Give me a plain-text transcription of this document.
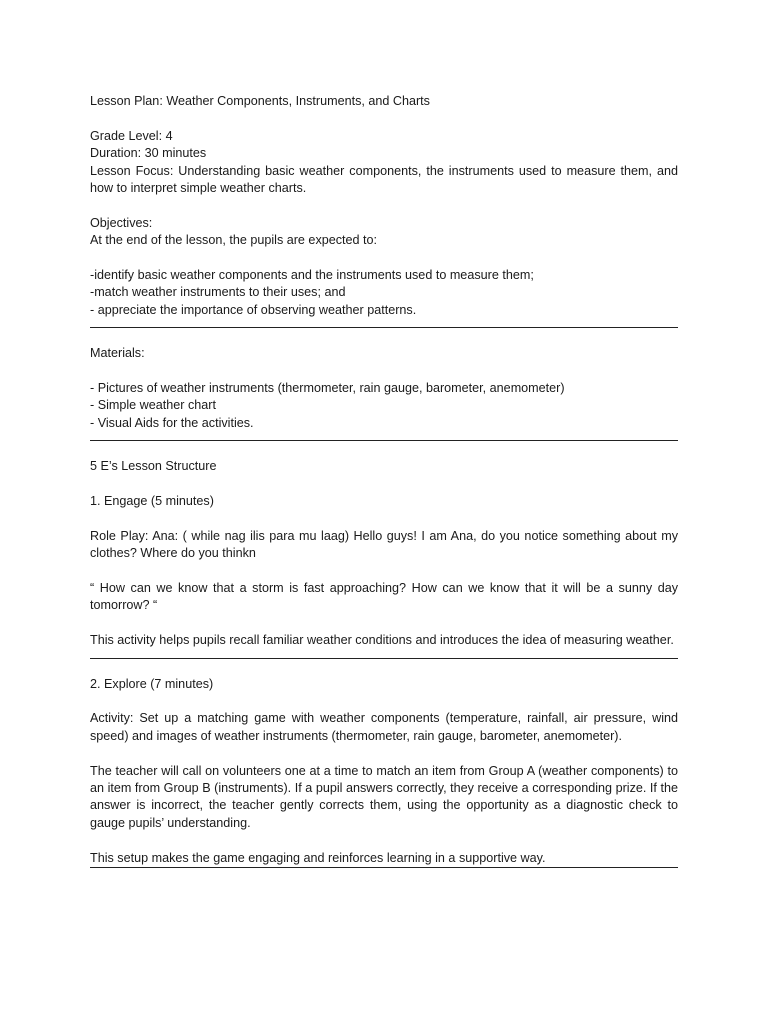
Lesson Plan: Weather Components, Instruments, and Charts

Grade Level: 4

Duration: 30 minutes

Lesson Focus: Understanding basic weather components, the instruments used to measure them, and how to interpret simple weather charts.

Objectives:

At the end of the lesson, the pupils are expected to:

-identify basic weather components and the instruments used to measure them;

-match weather instruments to their uses; and

- appreciate the importance of observing weather patterns.

Materials:

- Pictures of weather instruments (thermometer, rain gauge, barometer, anemometer)

- Simple weather chart

- Visual Aids for the activities.

5 E’s Lesson Structure

1. Engage (5 minutes)

Role Play: Ana: ( while nag ilis para mu laag) Hello guys! I am Ana, do you notice something about my clothes? Where do you thinkn

“ How can we know that a storm is fast approaching? How can we know that it will be a sunny day tomorrow? “

This activity helps pupils recall familiar weather conditions and introduces the idea of measuring weather.

2. Explore (7 minutes)

Activity: Set up a matching game with weather components (temperature, rainfall, air pressure, wind speed) and images of weather instruments (thermometer, rain gauge, barometer, anemometer).

The teacher will call on volunteers one at a time to match an item from Group A (weather components) to an item from Group B (instruments). If a pupil answers correctly, they receive a corresponding prize. If the answer is incorrect, the teacher gently corrects them, using the opportunity as a diagnostic check to gauge pupils’ understanding.

This setup makes the game engaging and reinforces learning in a supportive way.
